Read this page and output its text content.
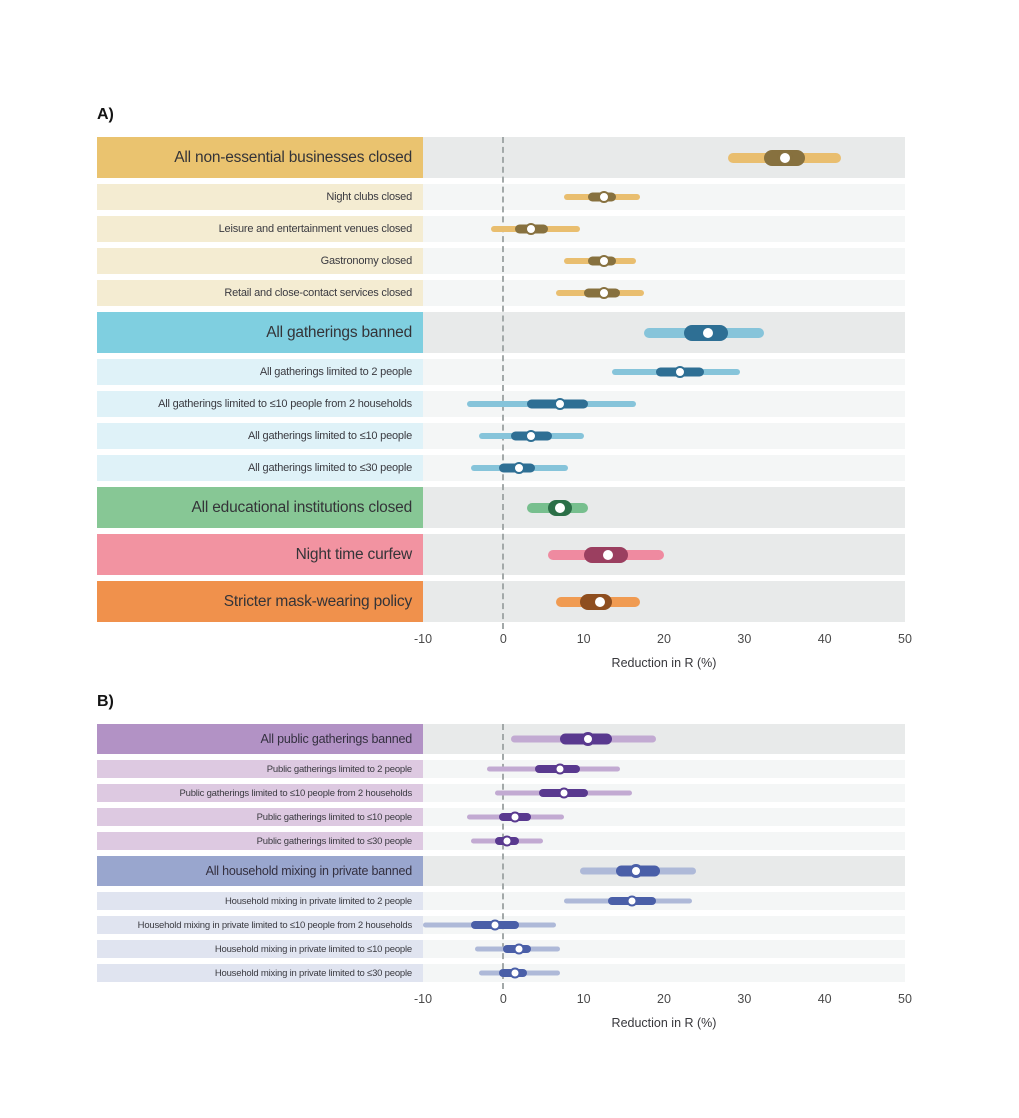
A)
All non-essential businesses closed
Night clubs closed
Leisure and entertainment venues closed
Gastronomy closed
Retail and close-contact services closed
All gatherings banned
All gatherings limited to 2 people
All gatherings limited to ≤10 people from 2 households
All gatherings limited to ≤10 people
All gatherings limited to ≤30 people
All educational institutions closed
Night time curfew
Stricter mask-wearing policy
-10	0	10	20	30	40	50
Reduction in R (%)
B)
All public gatherings banned
Public gatherings limited to 2 people
Public gatherings limited to ≤10 people from 2 households
Public gatherings limited to ≤10 people
Public gatherings limited to ≤30 people
All household mixing in private banned
Household mixing in private limited to 2 people
Household mixing in private limited to ≤10 people from 2 households
Household mixing in private limited to ≤10 people
Household mixing in private limited to ≤30 people
-10	0	10	20	30	40	50
Reduction in R (%)
